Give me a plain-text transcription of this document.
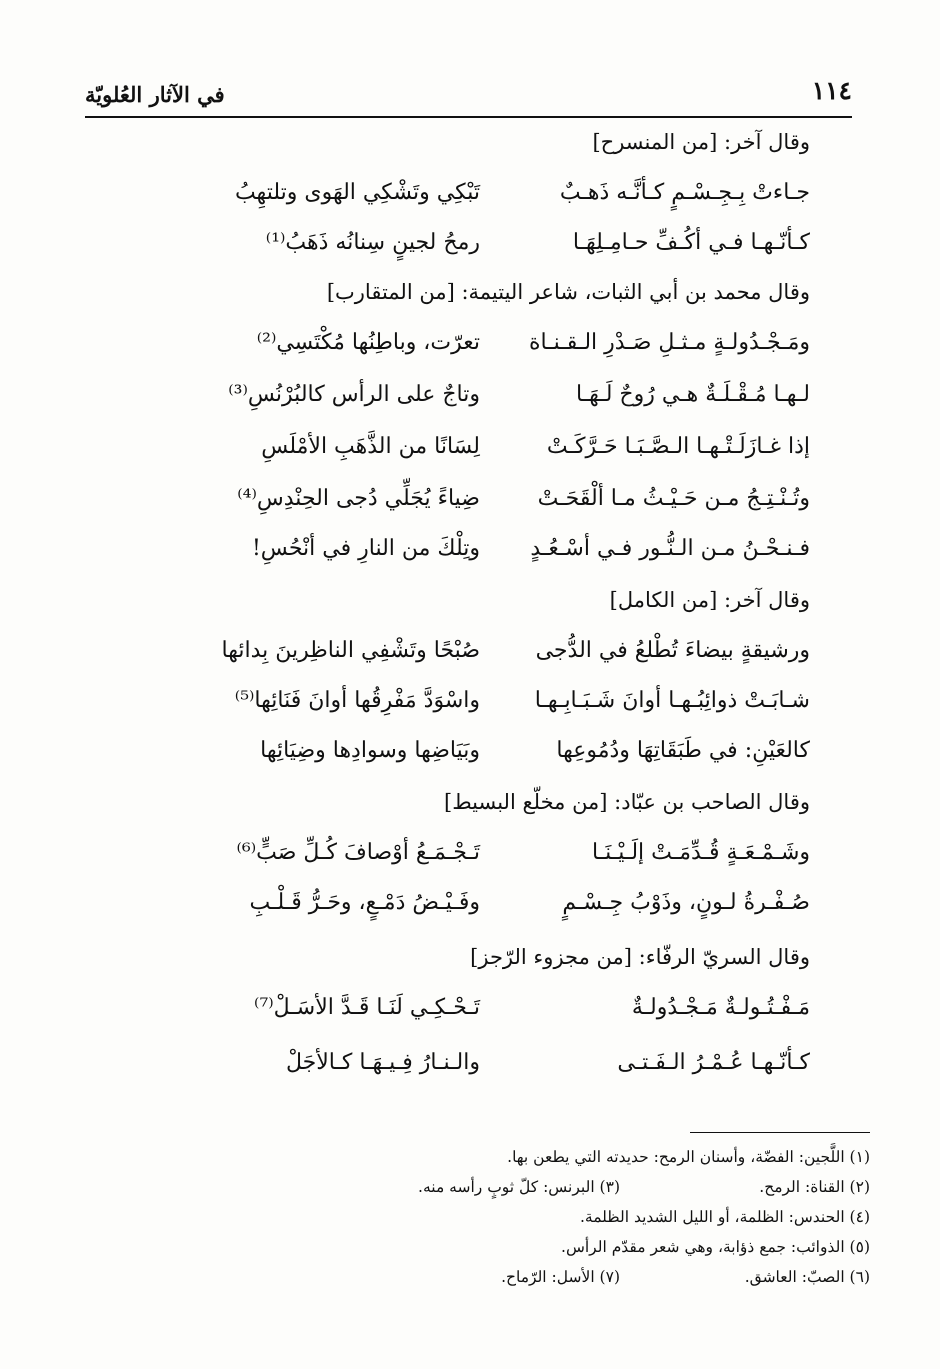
١١٤
في الآثار العُلويّة
وقال آخر: [من المنسرح]
جـاءتْ بِـجِـسْـمٍ كـأنَّـه ذَهـبٌ
تَبْكِي وتَشْكِي الهَوى وتلتهِبُ
كـأنّـهـا فـي أكُـفِّ حـامِـلِهَـا
رمحُ لجينٍ سِنانُه ذَهَبُ⁽¹⁾
وقال محمد بن أبي الثبات، شاعر اليتيمة: [من المتقارب]
ومَـجْـدُولـةٍ مـثـلِ صَـدْرِ الـقـنـاة
تعرّت، وباطِنُها مُكْتَسِي⁽²⁾
لـهـا مُـقْـلَـةٌ هـي رُوحٌ لَـهَـا
وتاجٌ على الرأس كالبُرْنُسِ⁽³⁾
إذا غـازَلَـتْـهـا الـصَّـبَـا حَـرَّكَـتْ
لِسَانًا من الذَّهَبِ الأمْلَسِ
وتُـنْـتِـجُ مـن حَـيْـثُ مـا ألْقَحَـتْ
ضِياءً يُجَلِّي دُجى الحِنْدِسِ⁽⁴⁾
فـنـحْـنُ مـن الـنُّـور فـي أسْـعُـدٍ
وتِلْكَ من النارِ في أنْحُسِ!
وقال آخر: [من الكامل]
ورشيقةٍ بيضاءَ تُطْلعُ في الدُّجى
صُبْحًا وتَشْفِي الناظِرينَ بِدائها
شـابَـتْ ذوائِبُـهـا أوانَ شَـبَـابِـهـا
واسْوَدَّ مَفْرِقُها أوانَ فَنَائِها⁽⁵⁾
كالعَيْنِ: في طَبَقَاتِهَا ودُمُوعِها
وبَيَاضِها وسوادِها وضِيَائِها
وقال الصاحب بن عبّاد: [من مخلّع البسيط]
وشَـمْـعَـةٍ قُـدِّمَـتْ إلَـيْـنَـا
تَـجْـمَـعُ أوْصافَ كُـلِّ صَبٍّ⁽⁶⁾
صُـفْـرةُ لـونٍ، وذَوْبُ جِـسْـمٍ
وفَـيْـضُ دَمْـعٍ، وحَـرُّ قَـلْـبِ
وقال السريّ الرفّاء: [من مجزوء الرّجز]
مَـفْـتُـولـةٌ مَـجْـدُولـةٌ
تَـحْـكِـي لَنَـا قَـدَّ الأسَـلْ⁽⁷⁾
كـأنّـهـا عُـمْـرُ الـفَـتـى
والـنـارُ فِـيـهَـا كـالأجَلْ
(١) اللَّجين: الفضّة، وأسنان الرمح: حديدته التي يطعن بها.
(٢) القناة: الرمح.
(٣) البرنس: كلّ ثوبٍ رأسه منه.
(٤) الحندس: الظلمة، أو الليل الشديد الظلمة.
(٥) الذوائب: جمع ذؤابة، وهي شعر مقدّم الرأس.
(٦) الصبّ: العاشق.
(٧) الأسل: الرّماح.
